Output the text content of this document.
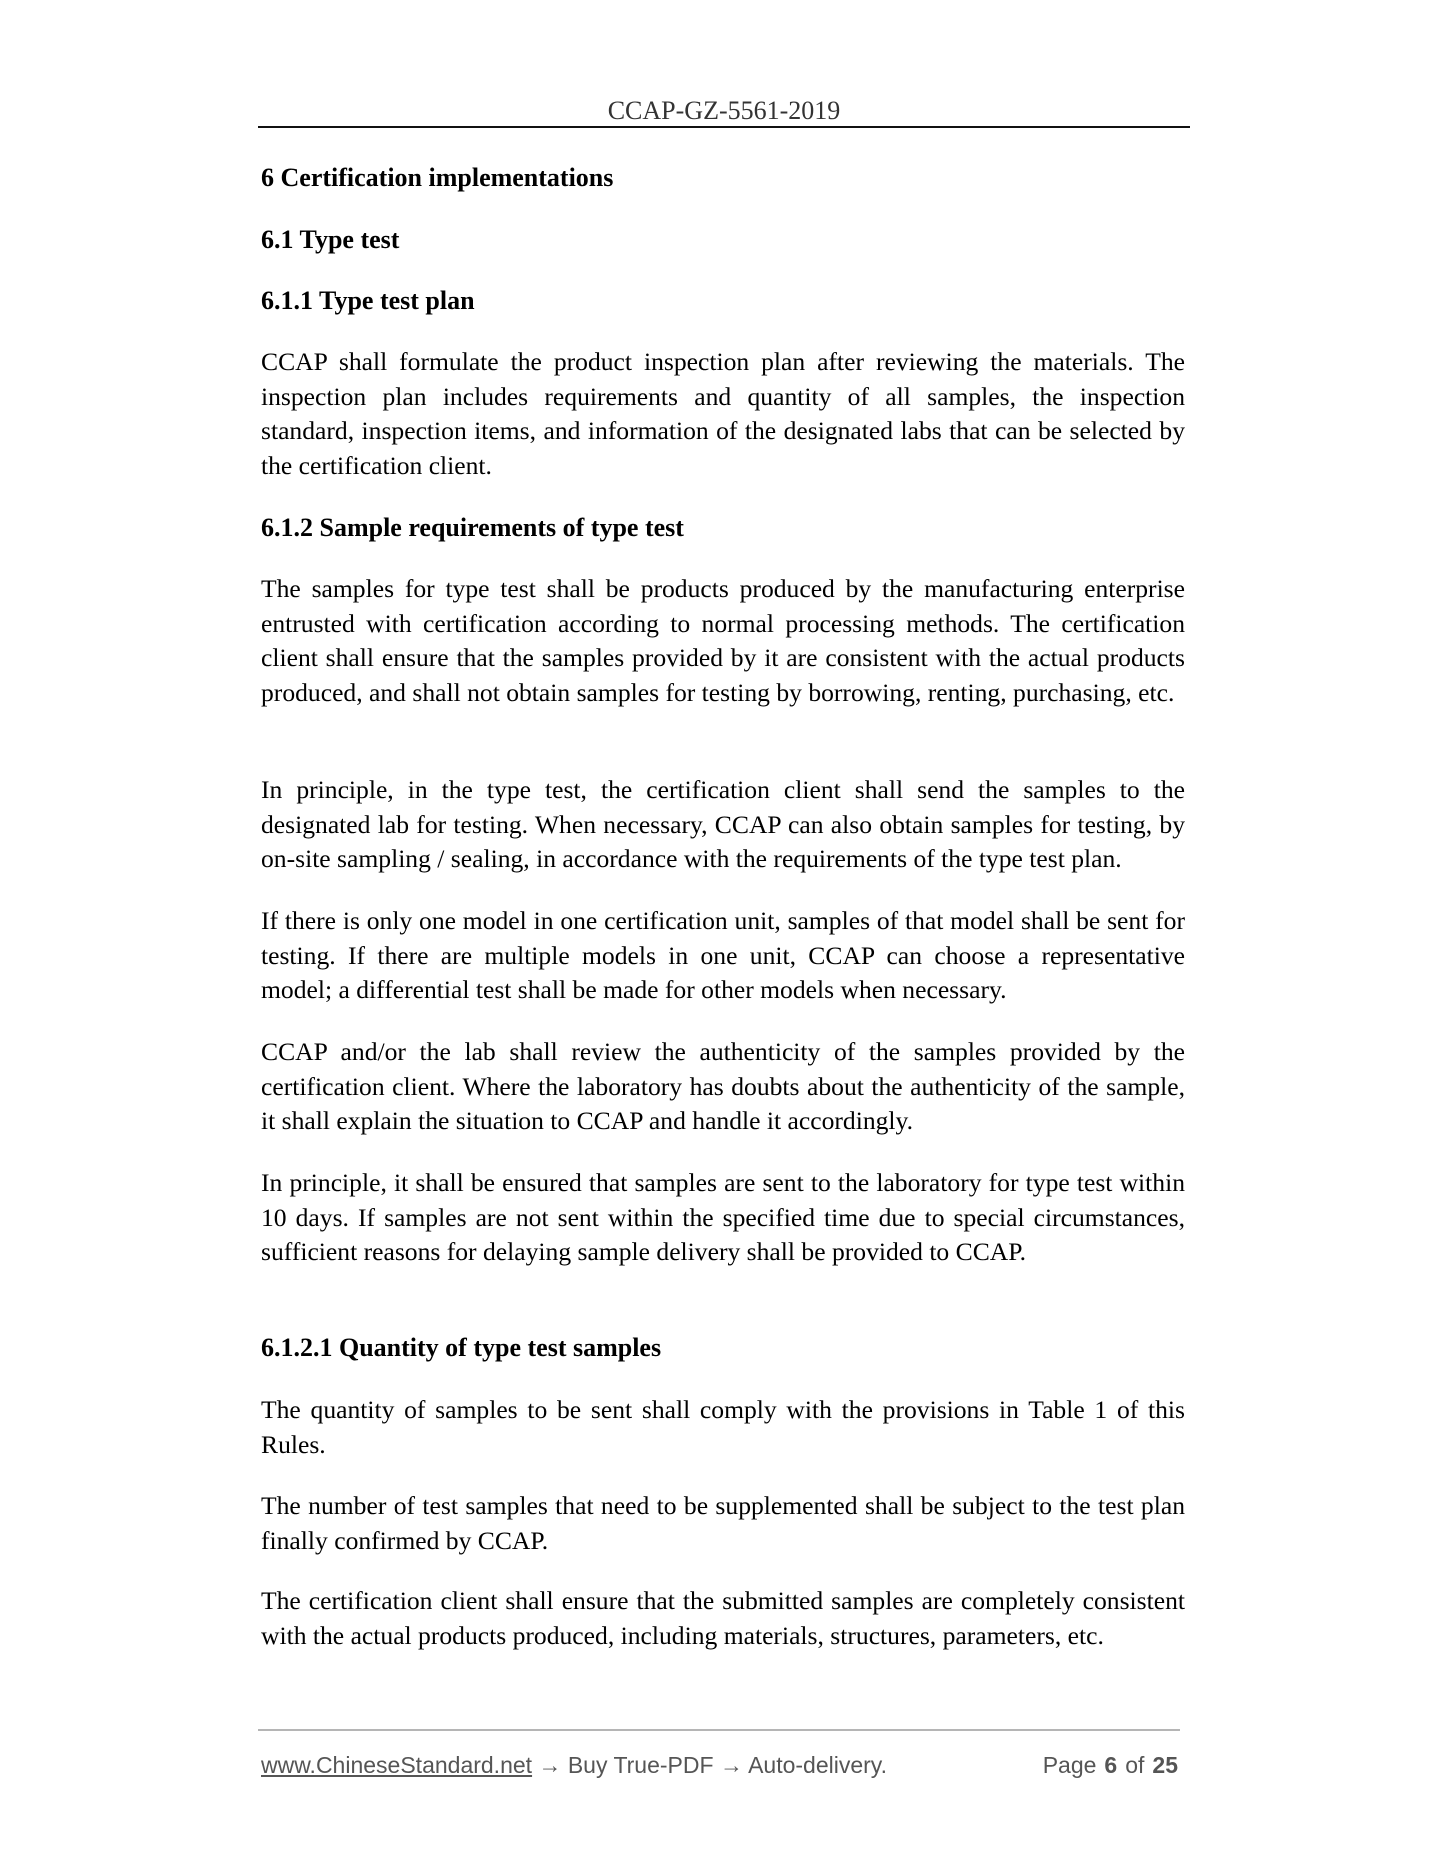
CCAP-GZ-5561-2019
6 Certification implementations
6.1 Type test
6.1.1 Type test plan

CCAP shall formulate the product inspection plan after reviewing the materials. The inspection plan includes requirements and quantity of all samples, the inspection standard, inspection items, and information of the designated labs that can be selected by the certification client.

6.1.2 Sample requirements of type test

The samples for type test shall be products produced by the manufacturing enterprise entrusted with certification according to normal processing methods. The certification client shall ensure that the samples provided by it are consistent with the actual products produced, and shall not obtain samples for testing by borrowing, renting, purchasing, etc.

In principle, in the type test, the certification client shall send the samples to the designated lab for testing. When necessary, CCAP can also obtain samples for testing, by on-site sampling / sealing, in accordance with the requirements of the type test plan.

If there is only one model in one certification unit, samples of that model shall be sent for testing. If there are multiple models in one unit, CCAP can choose a representative model; a differential test shall be made for other models when necessary.

CCAP and/or the lab shall review the authenticity of the samples provided by the certification client. Where the laboratory has doubts about the authenticity of the sample, it shall explain the situation to CCAP and handle it accordingly.

In principle, it shall be ensured that samples are sent to the laboratory for type test within 10 days. If samples are not sent within the specified time due to special circumstances, sufficient reasons for delaying sample delivery shall be provided to CCAP.

6.1.2.1 Quantity of type test samples

The quantity of samples to be sent shall comply with the provisions in Table 1 of this Rules.

The number of test samples that need to be supplemented shall be subject to the test plan finally confirmed by CCAP.

The certification client shall ensure that the submitted samples are completely consistent with the actual products produced, including materials, structures, parameters, etc.

www.ChineseStandard.net → Buy True-PDF → Auto-delivery.	Page 6 of 25
